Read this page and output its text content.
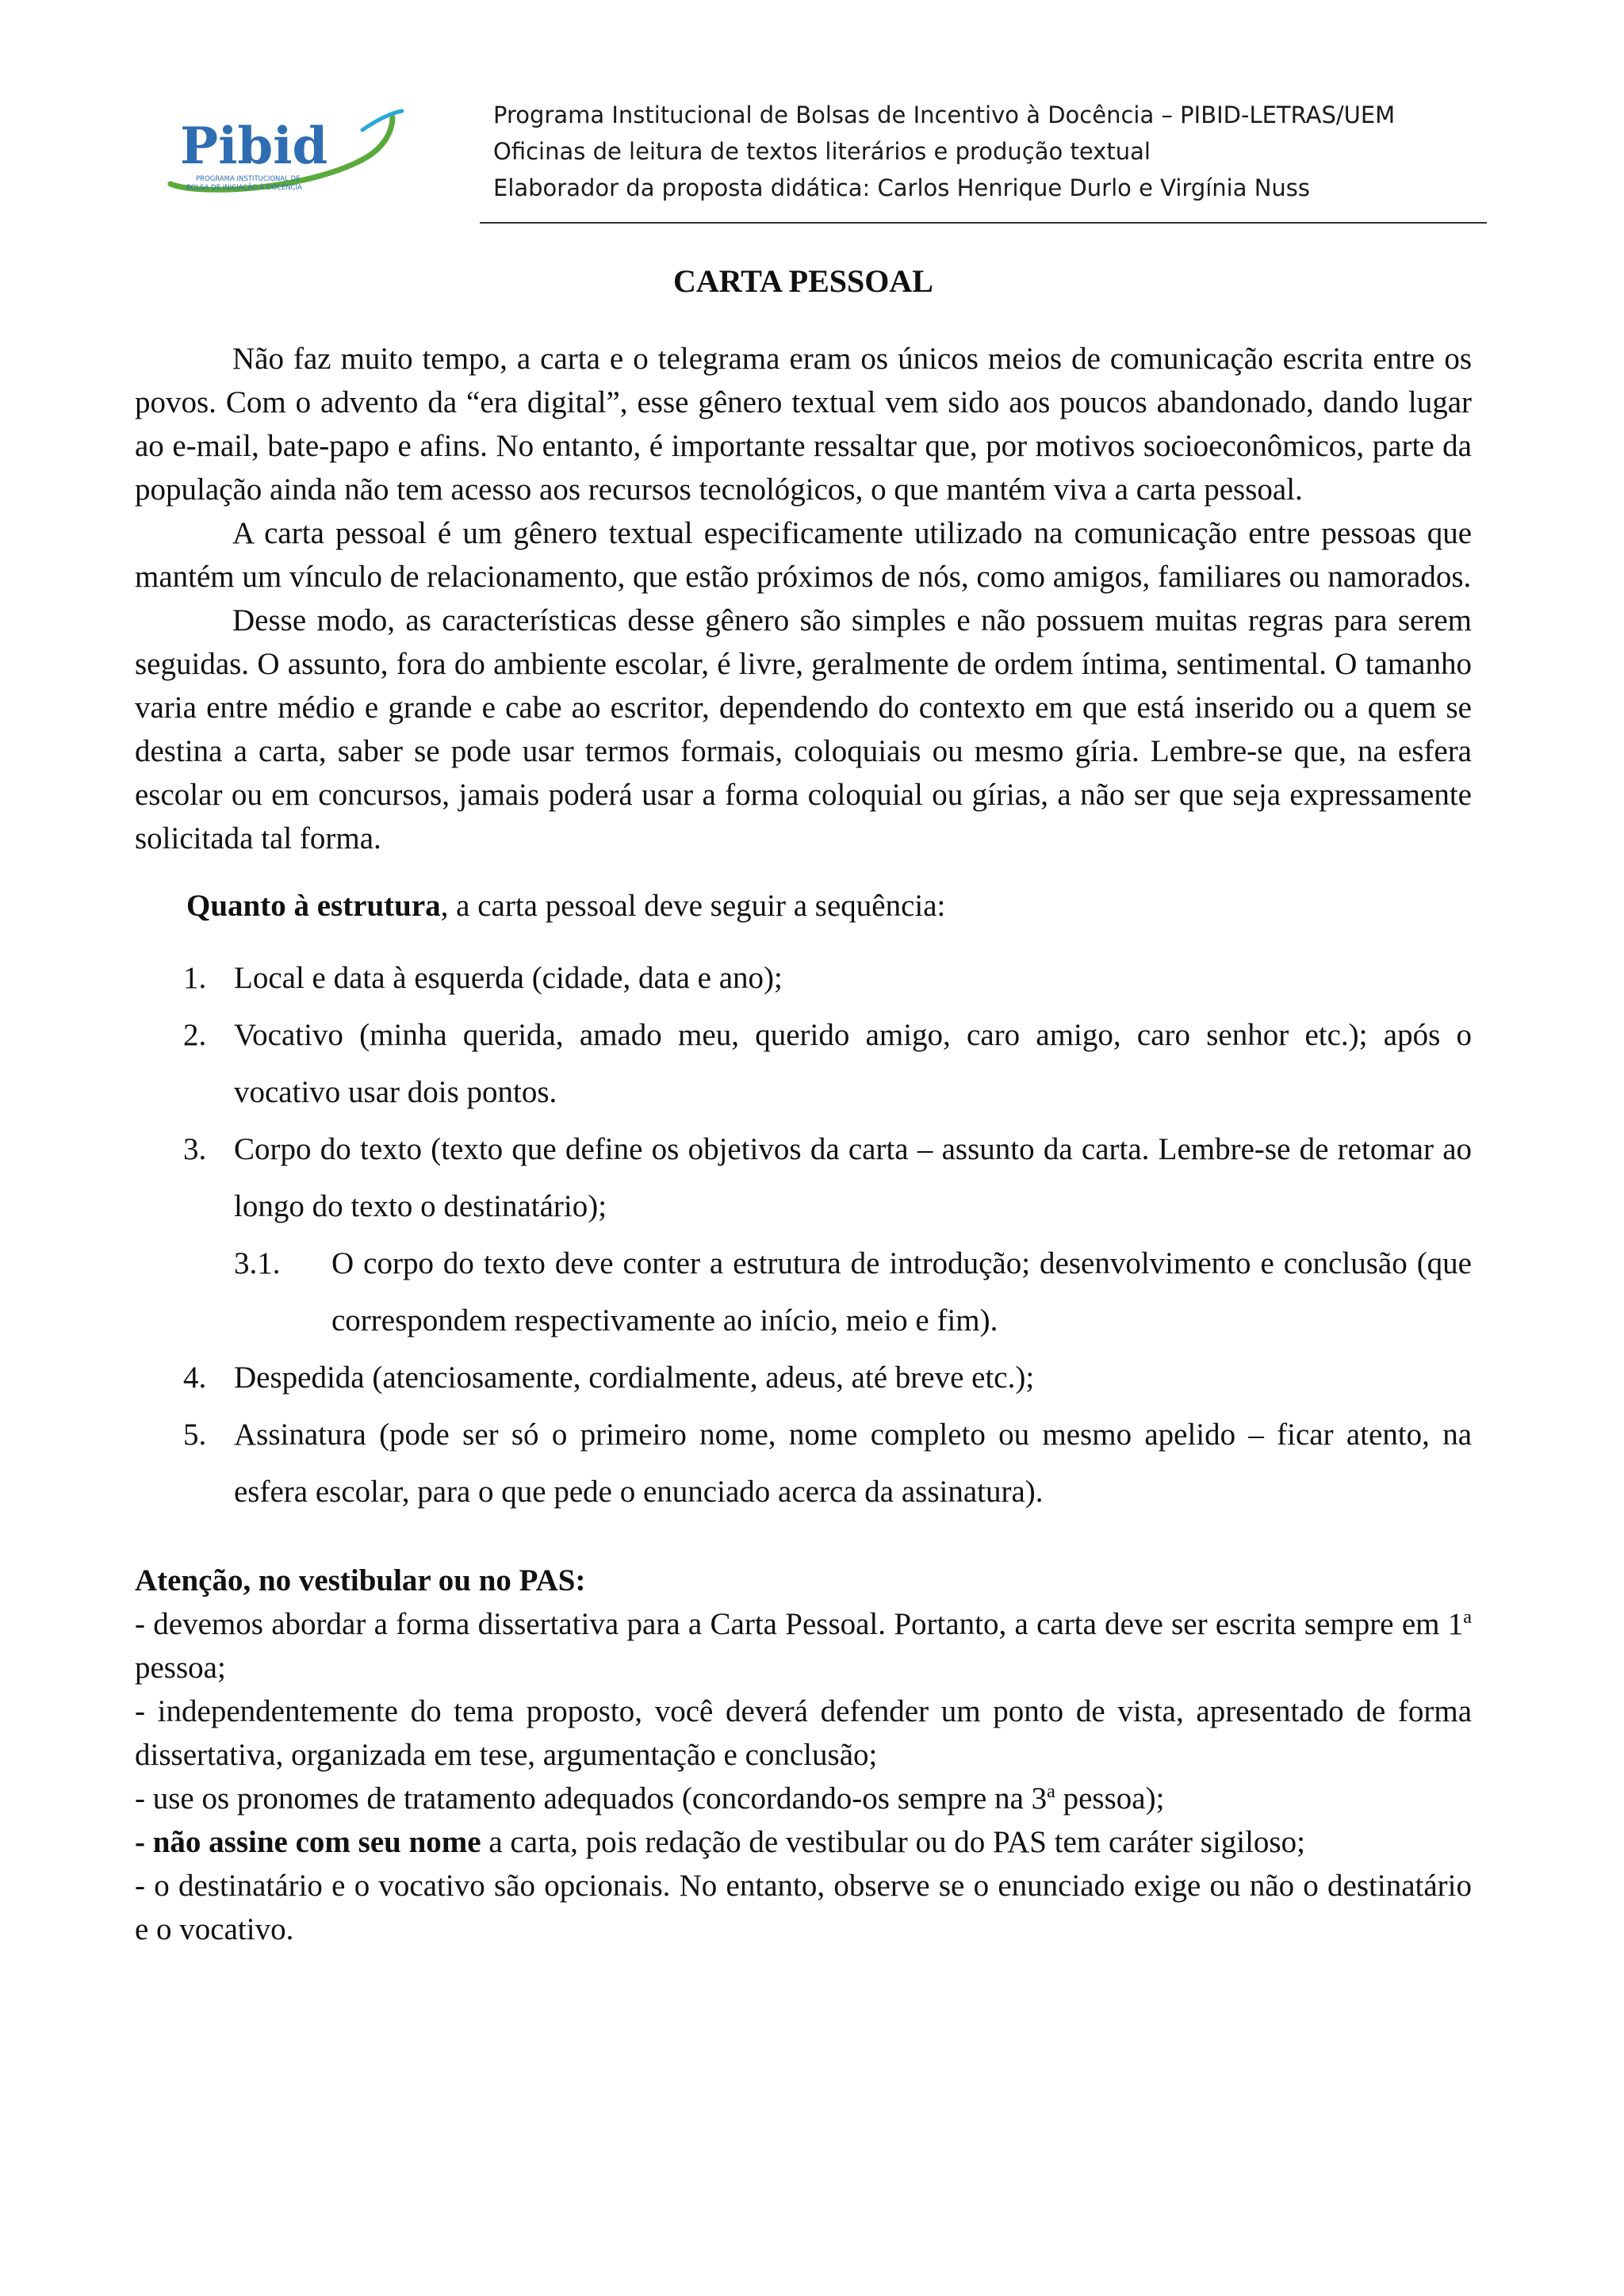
Pibid
PROGRAMA INSTITUCIONAL DE
BOLSA DE INICIAÇÃO À DOCÊNCIA
Programa Institucional de Bolsas de Incentivo à Docência – PIBID-LETRAS/UEM
Oficinas de leitura de textos literários e produção textual
Elaborador da proposta didática: Carlos Henrique Durlo e Virgínia Nuss
CARTA PESSOAL

Não faz muito tempo, a carta e o telegrama eram os únicos meios de comunicação escrita entre os povos. Com o advento da “era digital”, esse gênero textual vem sido aos poucos abandonado, dando lugar ao e-mail, bate-papo e afins. No entanto, é importante ressaltar que, por motivos socioeconômicos, parte da população ainda não tem acesso aos recursos tecnológicos, o que mantém viva a carta pessoal.

A carta pessoal é um gênero textual especificamente utilizado na comunicação entre pessoas que mantém um vínculo de relacionamento, que estão próximos de nós, como amigos, familiares ou namorados.

Desse modo, as características desse gênero são simples e não possuem muitas regras para serem seguidas. O assunto, fora do ambiente escolar, é livre, geralmente de ordem íntima, sentimental. O tamanho varia entre médio e grande e cabe ao escritor, dependendo do contexto em que está inserido ou a quem se destina a carta, saber se pode usar termos formais, coloquiais ou mesmo gíria. Lembre-se que, na esfera escolar ou em concursos, jamais poderá usar a forma coloquial ou gírias, a não ser que seja expressamente solicitada tal forma.

Quanto à estrutura, a carta pessoal deve seguir a sequência:
1. Local e data à esquerda (cidade, data e ano);
2. Vocativo (minha querida, amado meu, querido amigo, caro amigo, caro senhor etc.); após o vocativo usar dois pontos.
3. Corpo do texto (texto que define os objetivos da carta – assunto da carta. Lembre-se de retomar ao longo do texto o destinatário);
3.1. O corpo do texto deve conter a estrutura de introdução; desenvolvimento e conclusão (que correspondem respectivamente ao início, meio e fim).
4. Despedida (atenciosamente, cordialmente, adeus, até breve etc.);
5. Assinatura (pode ser só o primeiro nome, nome completo ou mesmo apelido – ficar atento, na esfera escolar, para o que pede o enunciado acerca da assinatura).
Atenção, no vestibular ou no PAS:

- devemos abordar a forma dissertativa para a Carta Pessoal. Portanto, a carta deve ser escrita sempre em 1$^a$ pessoa;

- independentemente do tema proposto, você deverá defender um ponto de vista, apresentado de forma dissertativa, organizada em tese, argumentação e conclusão;

- use os pronomes de tratamento adequados (concordando-os sempre na 3$^a$ pessoa);

- não assine com seu nome a carta, pois redação de vestibular ou do PAS tem caráter sigiloso;

- o destinatário e o vocativo são opcionais. No entanto, observe se o enunciado exige ou não o destinatário e o vocativo.
